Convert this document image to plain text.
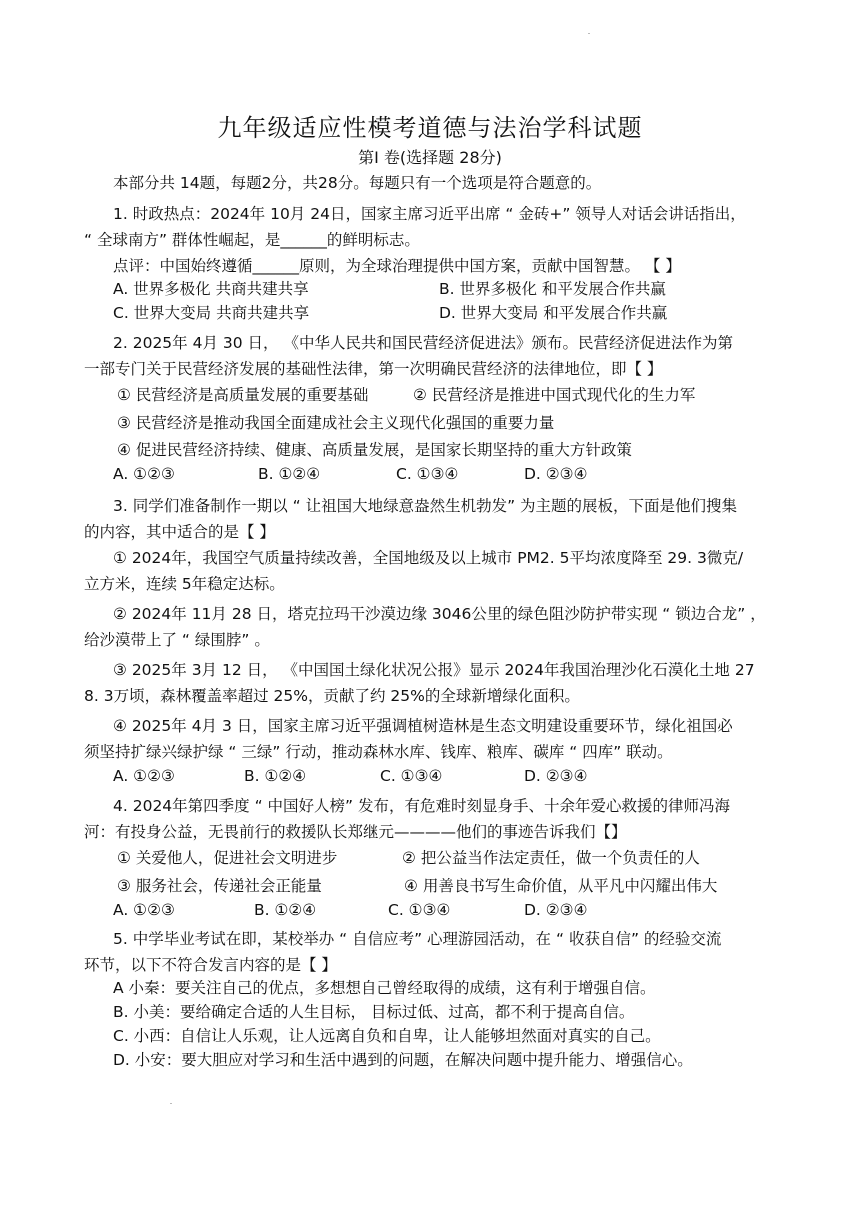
九年级适应性模考道德与法治学科试题
第Ⅰ 卷(选择题 28分)
本部分共 14题，每题2分，共28分。每题只有一个选项是符合题意的。
1. 时政热点：2024年 10月 24日，国家主席习近平出席 “ 金砖+” 领导人对话会讲话指出，
“ 全球南方” 群体性崛起，是______的鲜明标志。
点评：中国始终遵循______原则，为全球治理提供中国方案，贡献中国智慧。 【 】
A. 世界多极化 共商共建共享	B. 世界多极化 和平发展合作共赢
C. 世界大变局 共商共建共享	D. 世界大变局 和平发展合作共赢
2. 2025年 4月 30 日， 《中华人民共和国民营经济促进法》颁布。民营经济促进法作为第
一部专门关于民营经济发展的基础性法律，第一次明确民营经济的法律地位，即【 】
① 民营经济是高质量发展的重要基础	② 民营经济是推进中国式现代化的生力军
③ 民营经济是推动我国全面建成社会主义现代化强国的重要力量
④ 促进民营经济持续、健康、高质量发展，是国家长期坚持的重大方针政策
A. ①②③	B. ①②④	C. ①③④	D. ②③④
3. 同学们准备制作一期以 “ 让祖国大地绿意盎然生机勃发” 为主题的展板，下面是他们搜集
的内容，其中适合的是【 】
① 2024年，我国空气质量持续改善，全国地级及以上城市 PM2. 5平均浓度降至 29. 3微克/
立方米，连续 5年稳定达标。
② 2024年 11月 28 日，塔克拉玛干沙漠边缘 3046公里的绿色阻沙防护带实现 “ 锁边合龙” ，
给沙漠带上了 “ 绿围脖” 。
③ 2025年 3月 12 日， 《中国国土绿化状况公报》显示 2024年我国治理沙化石漠化土地 27
8. 3万顷，森林覆盖率超过 25%，贡献了约 25%的全球新增绿化面积。
④ 2025年 4月 3 日，国家主席习近平强调植树造林是生态文明建设重要环节，绿化祖国必
须坚持扩绿兴绿护绿 “ 三绿” 行动，推动森林水库、钱库、粮库、碳库 “ 四库” 联动。
A. ①②③	B. ①②④	C. ①③④	D. ②③④
4. 2024年第四季度 “ 中国好人榜” 发布，有危难时刻显身手、十余年爱心救援的律师冯海
河：有投身公益，无畏前行的救援队长郑继元————他们的事迹告诉我们【】
① 关爱他人，促进社会文明进步	② 把公益当作法定责任，做一个负责任的人
③ 服务社会，传递社会正能量	④ 用善良书写生命价值，从平凡中闪耀出伟大
A. ①②③	B. ①②④	C. ①③④	D. ②③④
5. 中学毕业考试在即，某校举办 “ 自信应考” 心理游园活动，在 “ 收获自信” 的经验交流
环节，以下不符合发言内容的是【 】
A 小秦：要关注自己的优点，多想想自己曾经取得的成绩，这有利于增强自信。
B. 小美：要给确定合适的人生目标， 目标过低、过高，都不利于提高自信。
C. 小西：自信让人乐观，让人远离自负和自卑，让人能够坦然面对真实的自己。
D. 小安：要大胆应对学习和生活中遇到的问题，在解决问题中提升能力、增强信心。
